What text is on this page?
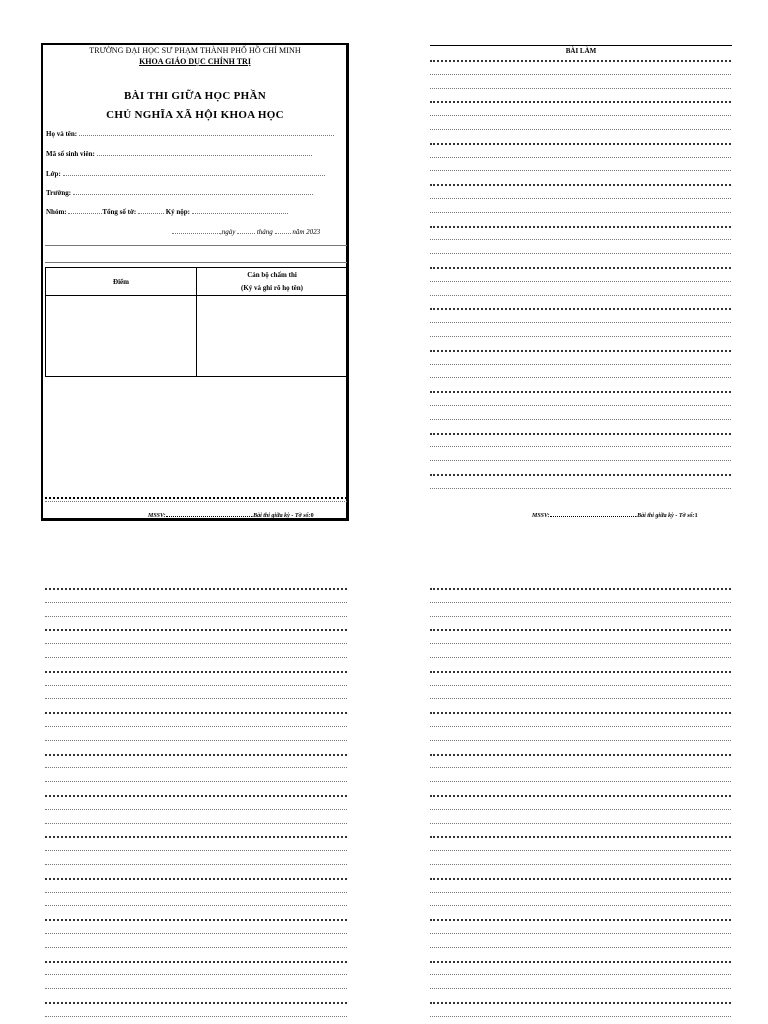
TRƯỜNG ĐẠI HỌC SƯ PHẠM THÀNH PHỐ HỒ CHÍ MINH
KHOA GIÁO DỤC CHÍNH TRỊ
BÀI THI GIỮA HỌC PHẦN
CHỦ NGHĨA XÃ HỘI KHOA HỌC
Họ và tên:
Mã số sinh viên:
Lớp:
Trường:
Nhóm:	Tổng số tờ:	Ký nộp:
,ngày	tháng	năm 2023
Điểm	Cán bộ chấm thi
(Ký và ghi rõ họ tên)

MSSV:	.Bài thi giữa kỳ - Tờ số:0
BÀI LÀM
MSSV:	.Bài thi giữa kỳ - Tờ số:1
